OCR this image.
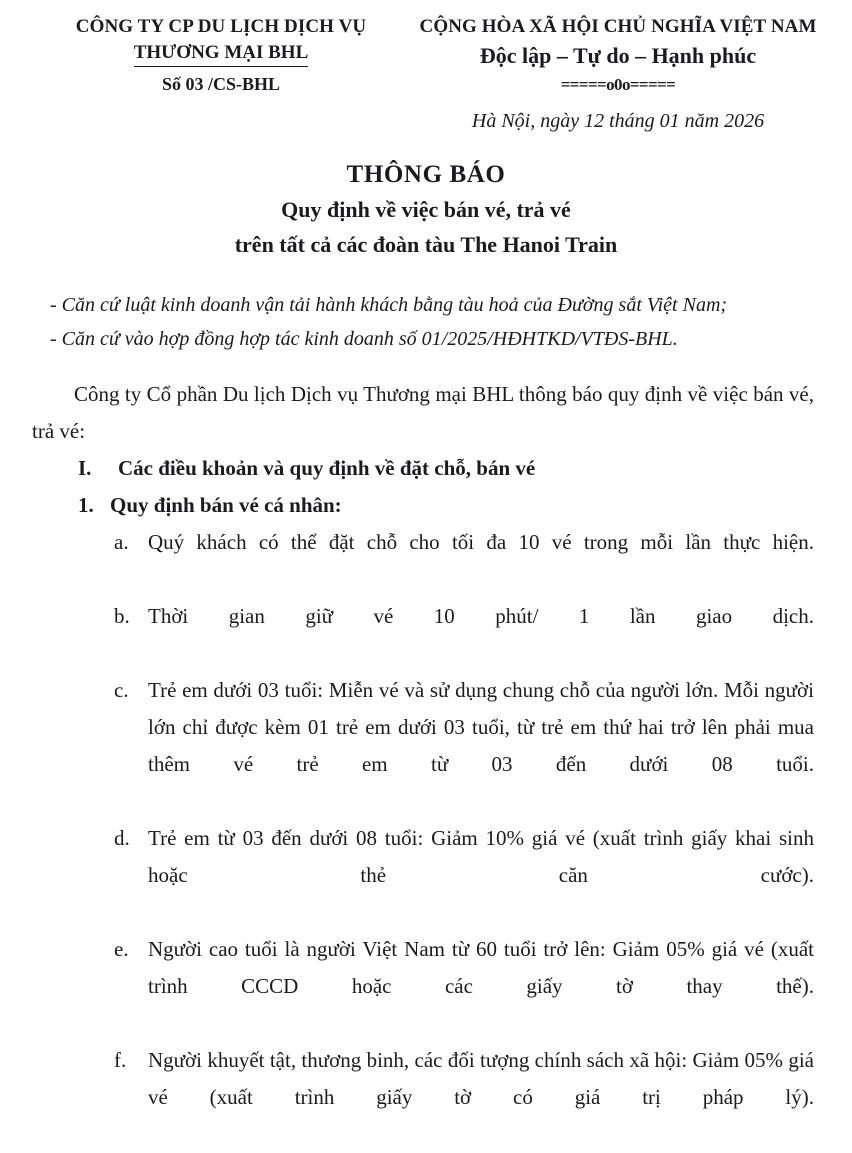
CÔNG TY CP DU LỊCH DỊCH VỤ
THƯƠNG MẠI BHL
Số 03 /CS-BHL
CỘNG HÒA XÃ HỘI CHỦ NGHĨA VIỆT NAM
Độc lập – Tự do – Hạnh phúc
=====o0o=====
Hà Nội, ngày 12 tháng 01 năm 2026
THÔNG BÁO
Quy định về việc bán vé, trả vé
trên tất cả các đoàn tàu The Hanoi Train
- Căn cứ luật kinh doanh vận tải hành khách bằng tàu hoả của Đường sắt Việt Nam;
- Căn cứ vào hợp đồng hợp tác kinh doanh số 01/2025/HĐHTKD/VTĐS-BHL.
Công ty Cổ phần Du lịch Dịch vụ Thương mại BHL thông báo quy định về việc bán vé, trả vé:
I.	Các điều khoản và quy định về đặt chỗ, bán vé
1. Quy định bán vé cá nhân:
a. Quý khách có thể đặt chỗ cho tối đa 10 vé trong mỗi lần thực hiện.
b. Thời gian giữ vé 10 phút/ 1 lần giao dịch.
c. Trẻ em dưới 03 tuổi: Miễn vé và sử dụng chung chỗ của người lớn. Mỗi người lớn chỉ được kèm 01 trẻ em dưới 03 tuổi, từ trẻ em thứ hai trở lên phải mua thêm vé trẻ em từ 03 đến dưới 08 tuổi.
d. Trẻ em từ 03 đến dưới 08 tuổi: Giảm 10% giá vé (xuất trình giấy khai sinh hoặc thẻ căn cước).
e. Người cao tuổi là người Việt Nam từ 60 tuổi trở lên: Giảm 05% giá vé (xuất trình CCCD hoặc các giấy tờ thay thế).
f.	Người khuyết tật, thương binh, các đối tượng chính sách xã hội: Giảm 05% giá vé (xuất trình giấy tờ có giá trị pháp lý).
